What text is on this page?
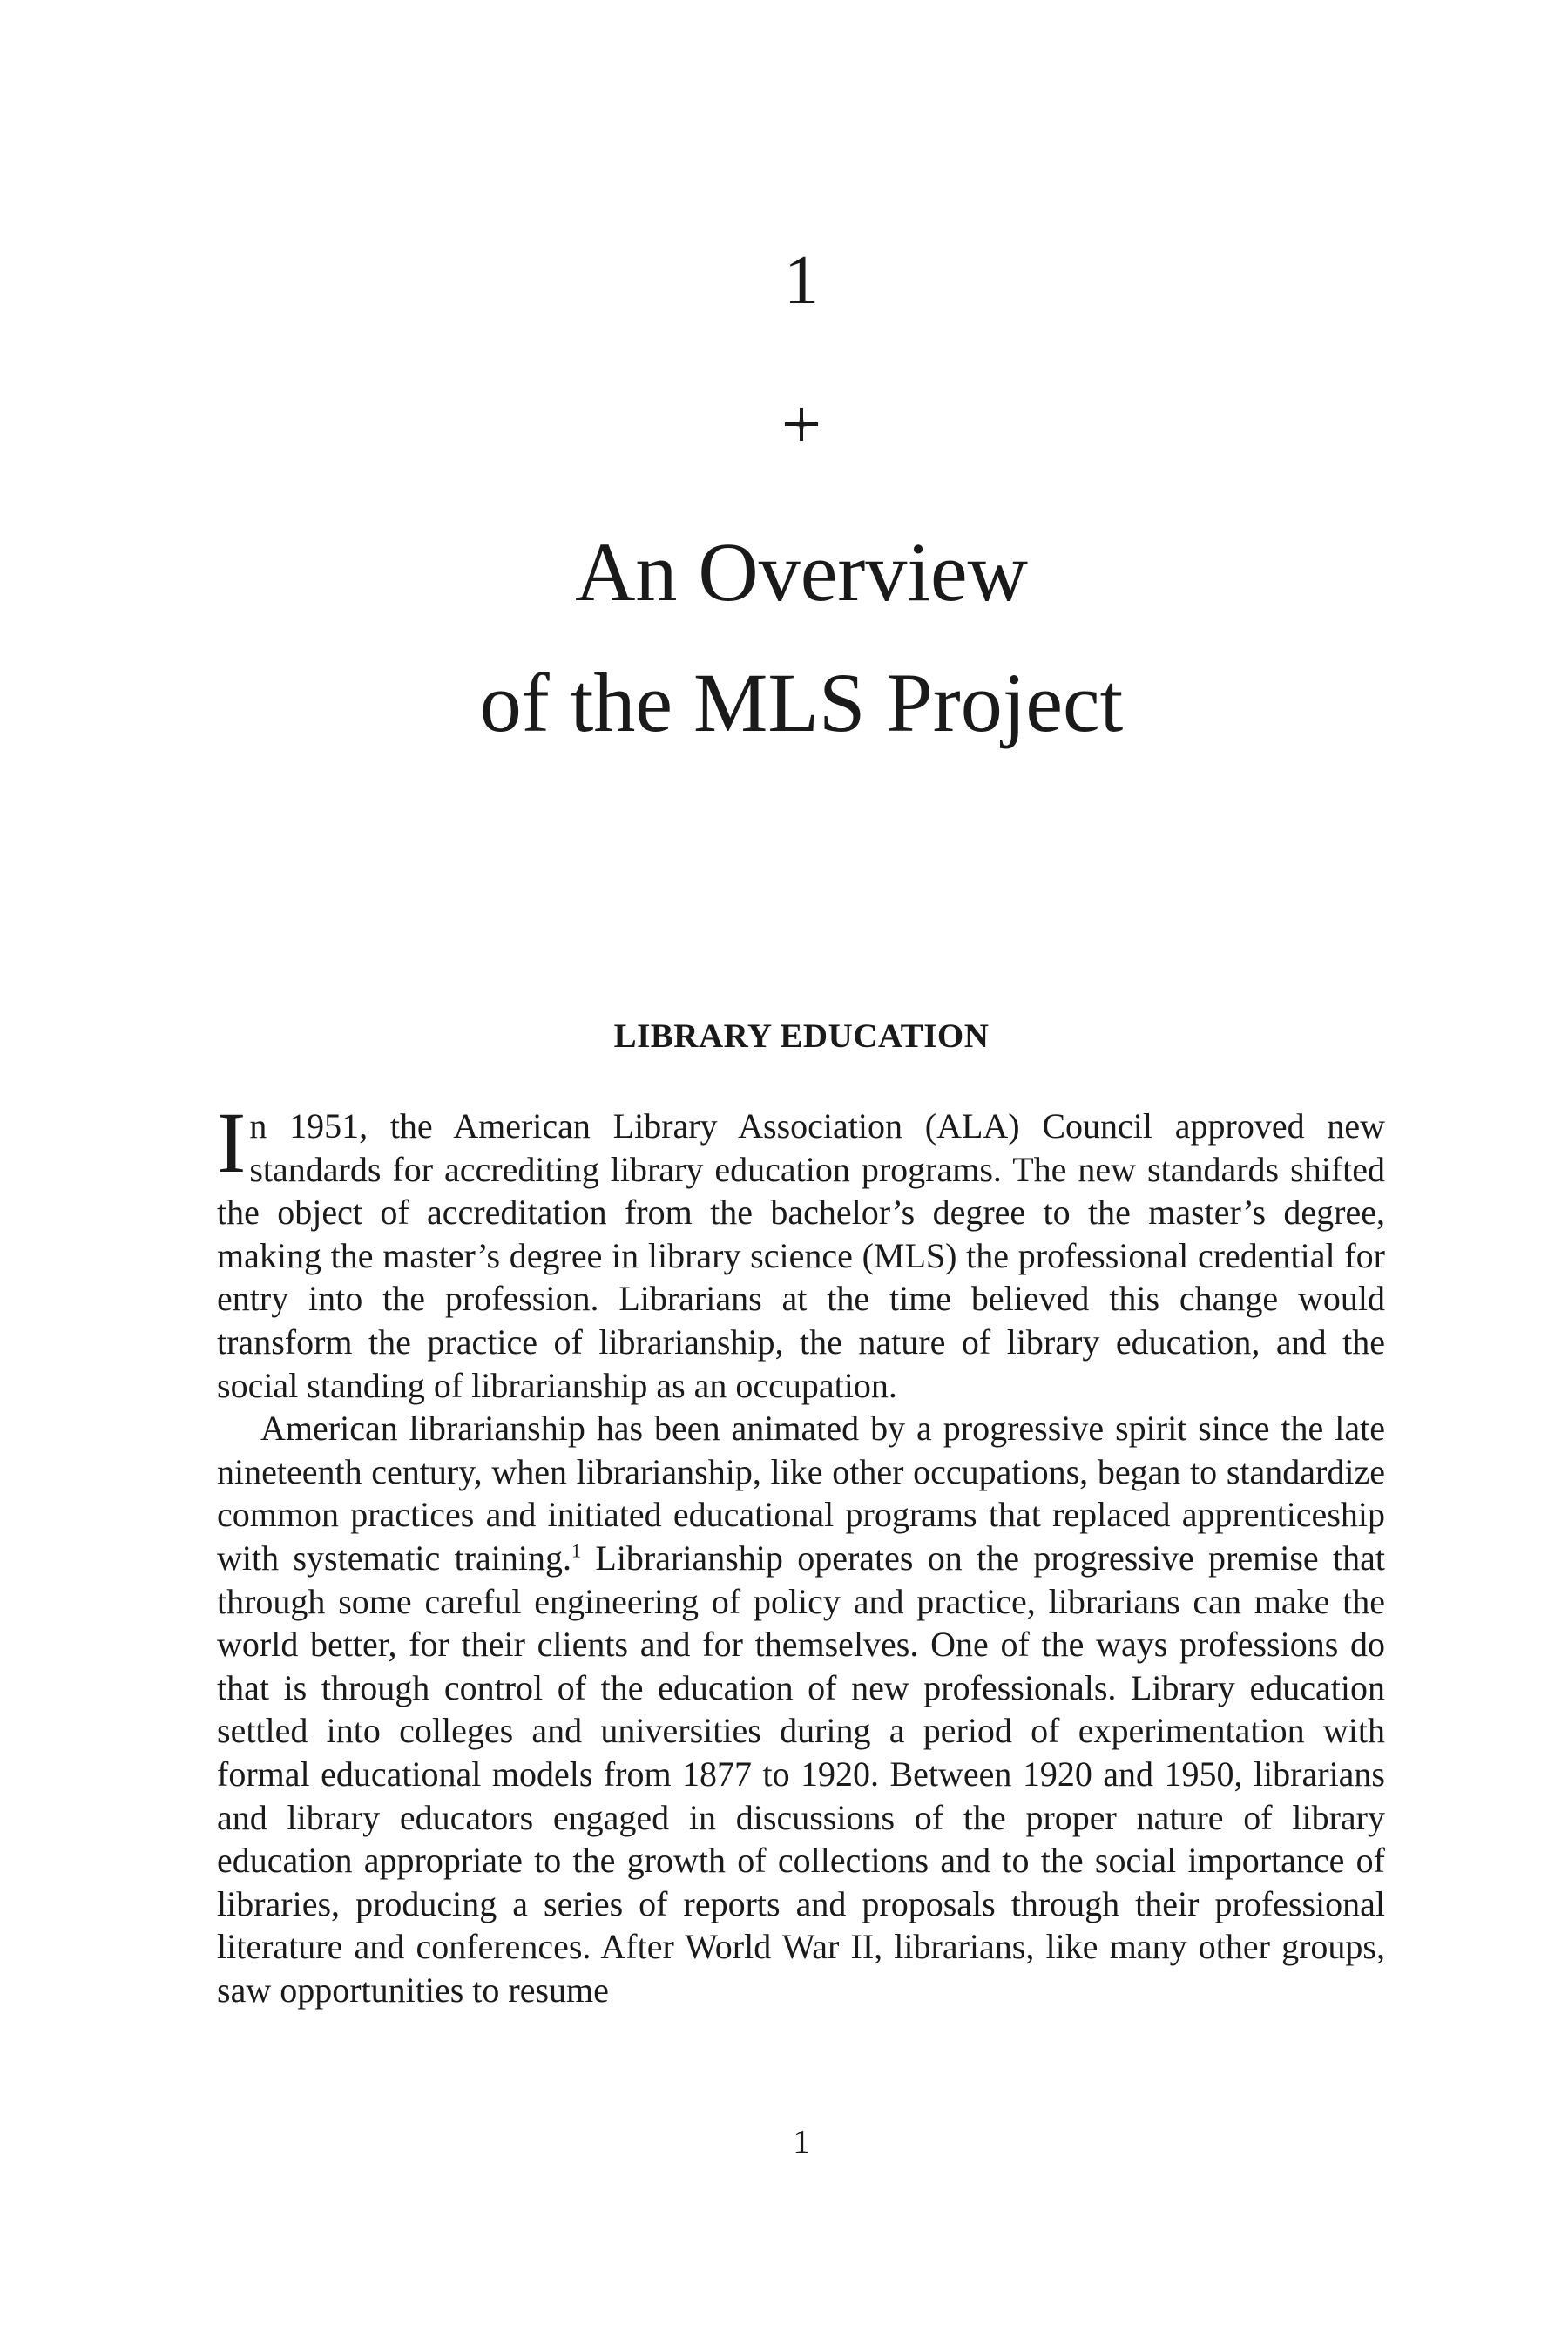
1
An Overview
of the MLS Project
LIBRARY EDUCATION

In 1951, the American Library Association (ALA) Council approved new standards for accrediting library education programs. The new standards shifted the object of accreditation from the bachelor’s degree to the master’s degree, making the master’s degree in library science (MLS) the professional credential for entry into the profession. Librarians at the time believed this change would transform the practice of librarianship, the nature of library education, and the social standing of librarianship as an occupation.

American librarianship has been animated by a progressive spirit since the late nineteenth century, when librarianship, like other occupations, began to standardize common practices and initiated educational programs that replaced apprenticeship with systematic training.$^1$ Librarianship operates on the progressive premise that through some careful engineering of policy and practice, librarians can make the world better, for their clients and for themselves. One of the ways professions do that is through control of the education of new professionals. Library education settled into colleges and universities during a period of experimentation with formal educational models from 1877 to 1920. Between 1920 and 1950, librarians and library educators engaged in discussions of the proper nature of library education appropriate to the growth of collections and to the social importance of libraries, producing a series of reports and proposals through their professional literature and conferences. After World War II, librarians, like many other groups, saw opportunities to resume

1
